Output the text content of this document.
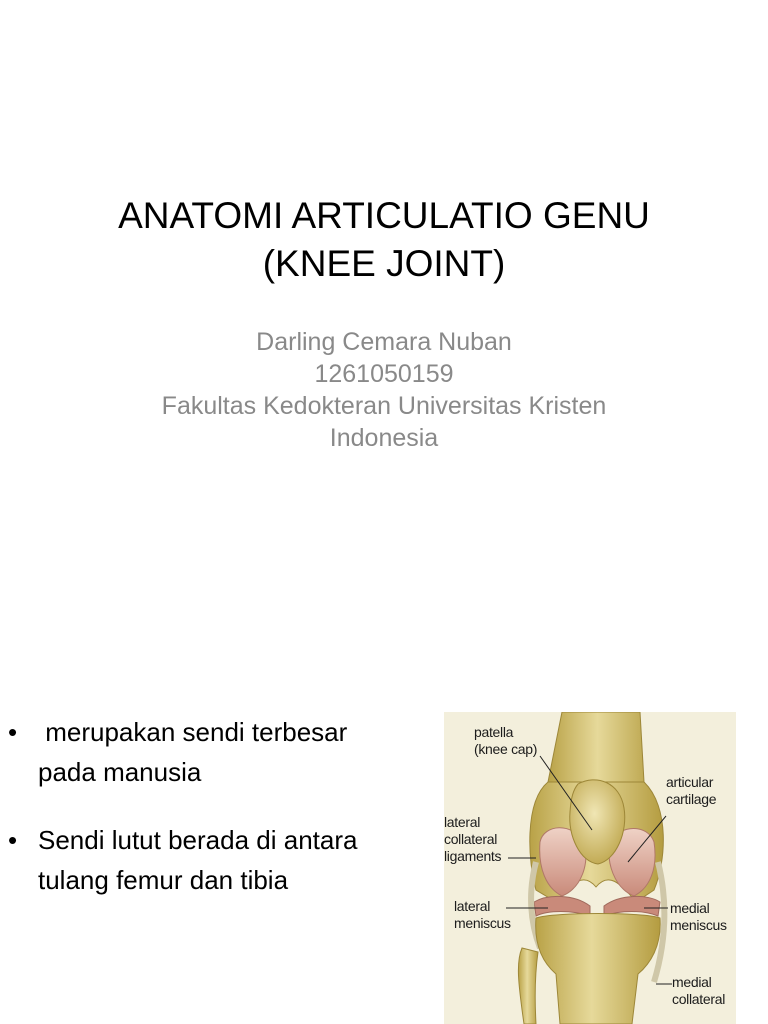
ANATOMI ARTICULATIO GENU
(KNEE JOINT)
Darling Cemara Nuban
1261050159
Fakultas Kedokteran Universitas Kristen
Indonesia
• merupakan sendi terbesar pada manusia
• Sendi lutut berada di antara tulang femur dan tibia
patella
(knee cap)
articular
cartilage
lateral
collateral
ligaments
lateral
meniscus
medial
meniscus
medial
collateral
